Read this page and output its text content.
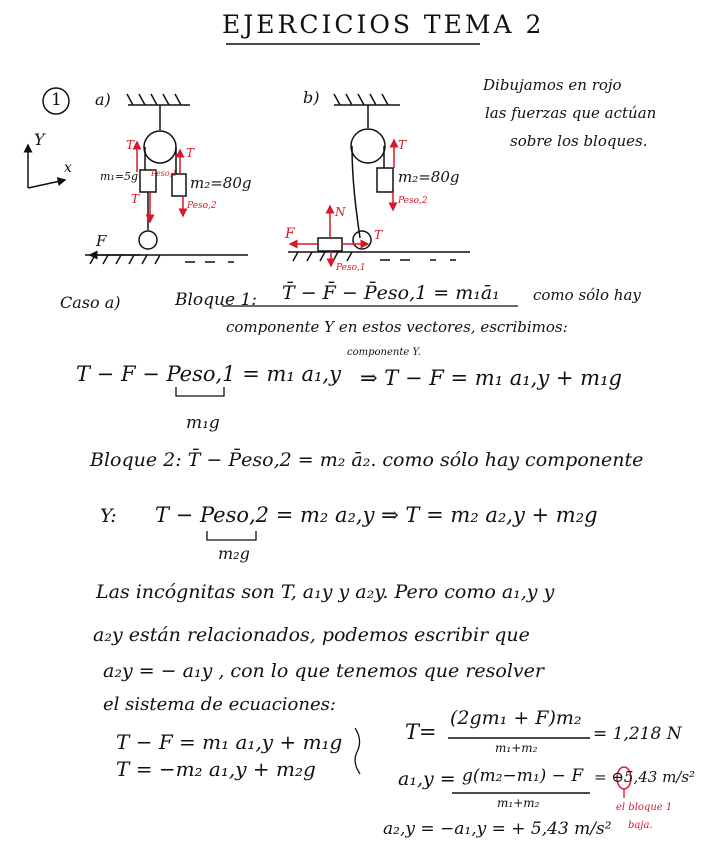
EJERCICIOS TEMA 2
1 a)	b)
Y
x
Dibujamos en rojo
las fuerzas que actúan
sobre los bloques.
m₁=5g	m₂=80g
T
T
T
Peso,1
Peso,2
F
m₂=80g
T
Peso,2
F
N
T
Peso,1
Caso a)	Bloque 1: T̄ − F̄ − P̄eso,1 = m₁ā₁ como sólo hay
componente Y en estos vectores, escribimos:
T − F − Peso,1 = m₁ a₁,y
componente Y.
⇒ T − F = m₁ a₁,y + m₁g
m₁g
Bloque 2: T̄ − P̄eso,2 = m₂ ā₂. como sólo hay componente
Y: T − Peso,2 = m₂ a₂,y ⇒ T = m₂ a₂,y + m₂g
m₂g
Las incógnitas son T, a₁y y a₂y. Pero como a₁,y y
a₂y están relacionados, podemos escribir que
a₂y = − a₁y , con lo que tenemos que resolver
el sistema de ecuaciones:
T − F = m₁ a₁,y + m₁g
T = −m₂ a₁,y + m₂g
T=
(2gm₁ + F)m₂
m₁+m₂
= 1,218 N
a₁,y = g(m₂−m₁) − F
m₁+m₂
= ⊖5,43 m/s²
el bloque 1
baja.
a₂,y = −a₁,y = + 5,43 m/s²
